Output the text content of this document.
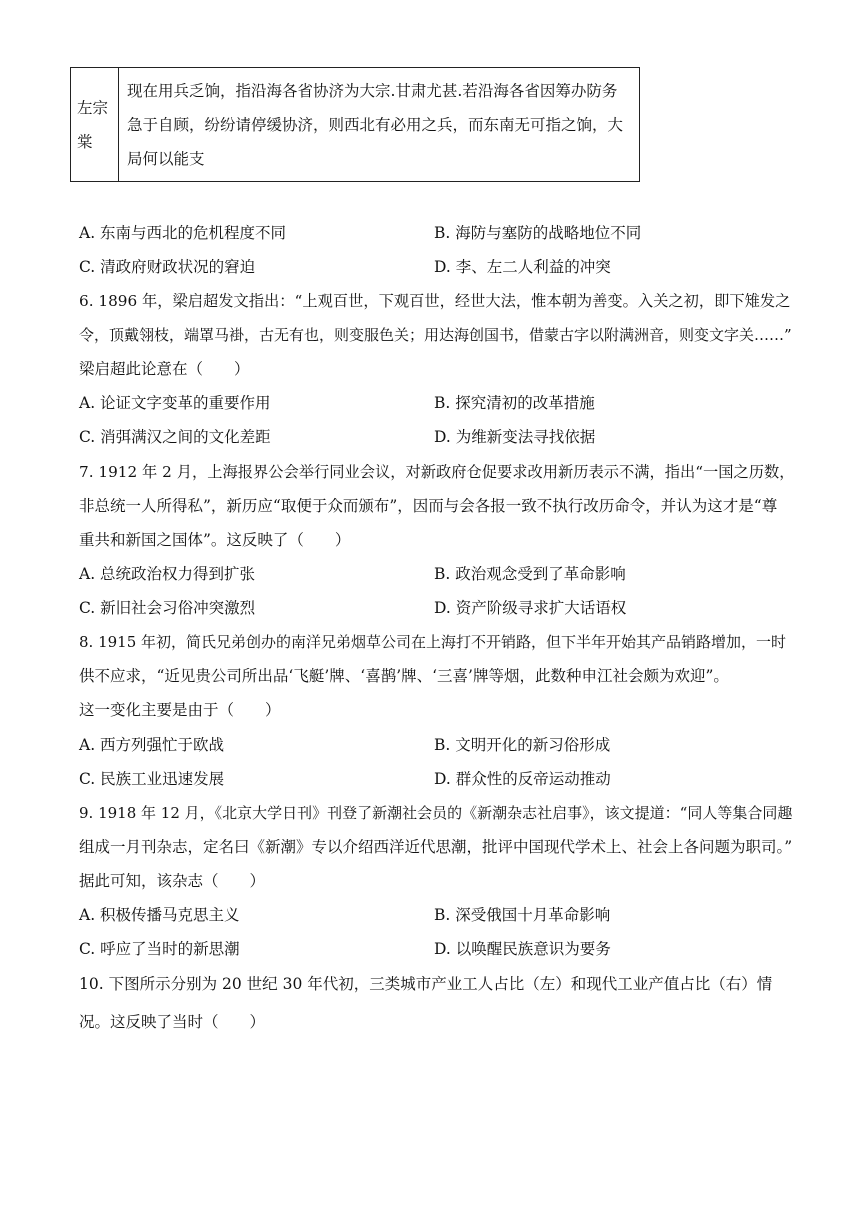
左宗棠
现在用兵乏饷，指沿海各省协济为大宗.甘肃尤甚.若沿海各省因筹办防务急于自顾，纷纷请停缓协济，则西北有必用之兵，而东南无可指之饷，大局何以能支
A. 东南与西北的危机程度不同	B. 海防与塞防的战略地位不同
C. 清政府财政状况的窘迫	D. 李、左二人利益的冲突
6. 1896 年，梁启超发文指出：“上观百世，下观百世，经世大法，惟本朝为善变。入关之初，即下雉发之
令，顶戴翎枝，端罩马褂，古无有也，则变服色关；用达海创国书，借蒙古字以附满洲音，则变文字关……”
梁启超此论意在（　　）
A. 论证文字变革的重要作用	B. 探究清初的改革措施
C. 消弭满汉之间的文化差距	D. 为维新变法寻找依据
7. 1912 年 2 月，上海报界公会举行同业会议，对新政府仓促要求改用新历表示不满，指出“一国之历数，
非总统一人所得私”，新历应“取便于众而颁布”，因而与会各报一致不执行改历命令，并认为这才是“尊
重共和新国之国体”。这反映了（　　）
A. 总统政治权力得到扩张	B. 政治观念受到了革命影响
C. 新旧社会习俗冲突激烈	D. 资产阶级寻求扩大话语权
8. 1915 年初，简氏兄弟创办的南洋兄弟烟草公司在上海打不开销路，但下半年开始其产品销路增加，一时
供不应求，“近见贵公司所出品‘飞艇’牌、‘喜鹊’牌、‘三喜’牌等烟，此数种申江社会颇为欢迎”。
这一变化主要是由于（　　）
A. 西方列强忙于欧战	B. 文明开化的新习俗形成
C. 民族工业迅速发展	D. 群众性的反帝运动推动
9. 1918 年 12 月，《北京大学日刊》刊登了新潮社会员的《新潮杂志社启事》，该文提道：“同人等集合同趣
组成一月刊杂志，定名曰《新潮》专以介绍西洋近代思潮，批评中国现代学术上、社会上各问题为职司。”
据此可知，该杂志（　　）
A. 积极传播马克思主义	B. 深受俄国十月革命影响
C. 呼应了当时的新思潮	D. 以唤醒民族意识为要务
10. 下图所示分别为 20 世纪 30 年代初，三类城市产业工人占比（左）和现代工业产值占比（右）情
况。这反映了当时（　　）
